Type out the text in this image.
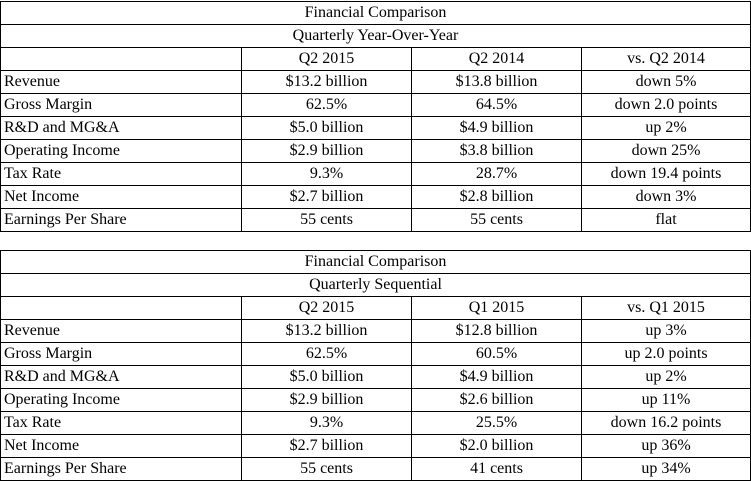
Financial Comparison			
Quarterly Year-Over-Year			
	Q2 2015	Q2 2014	vs. Q2 2014
Revenue	$13.2 billion	$13.8 billion	down 5%
Gross Margin	62.5%	64.5%	down 2.0 points
R&D and MG&A	$5.0 billion	$4.9 billion	up 2%
Operating Income	$2.9 billion	$3.8 billion	down 25%
Tax Rate	9.3%	28.7%	down 19.4 points
Net Income	$2.7 billion	$2.8 billion	down 3%
Earnings Per Share	55 cents	55 cents	flat
Financial Comparison			
Quarterly Sequential			
	Q2 2015	Q1 2015	vs. Q1 2015
Revenue	$13.2 billion	$12.8 billion	up 3%
Gross Margin	62.5%	60.5%	up 2.0 points
R&D and MG&A	$5.0 billion	$4.9 billion	up 2%
Operating Income	$2.9 billion	$2.6 billion	up 11%
Tax Rate	9.3%	25.5%	down 16.2 points
Net Income	$2.7 billion	$2.0 billion	up 36%
Earnings Per Share	55 cents	41 cents	up 34%
